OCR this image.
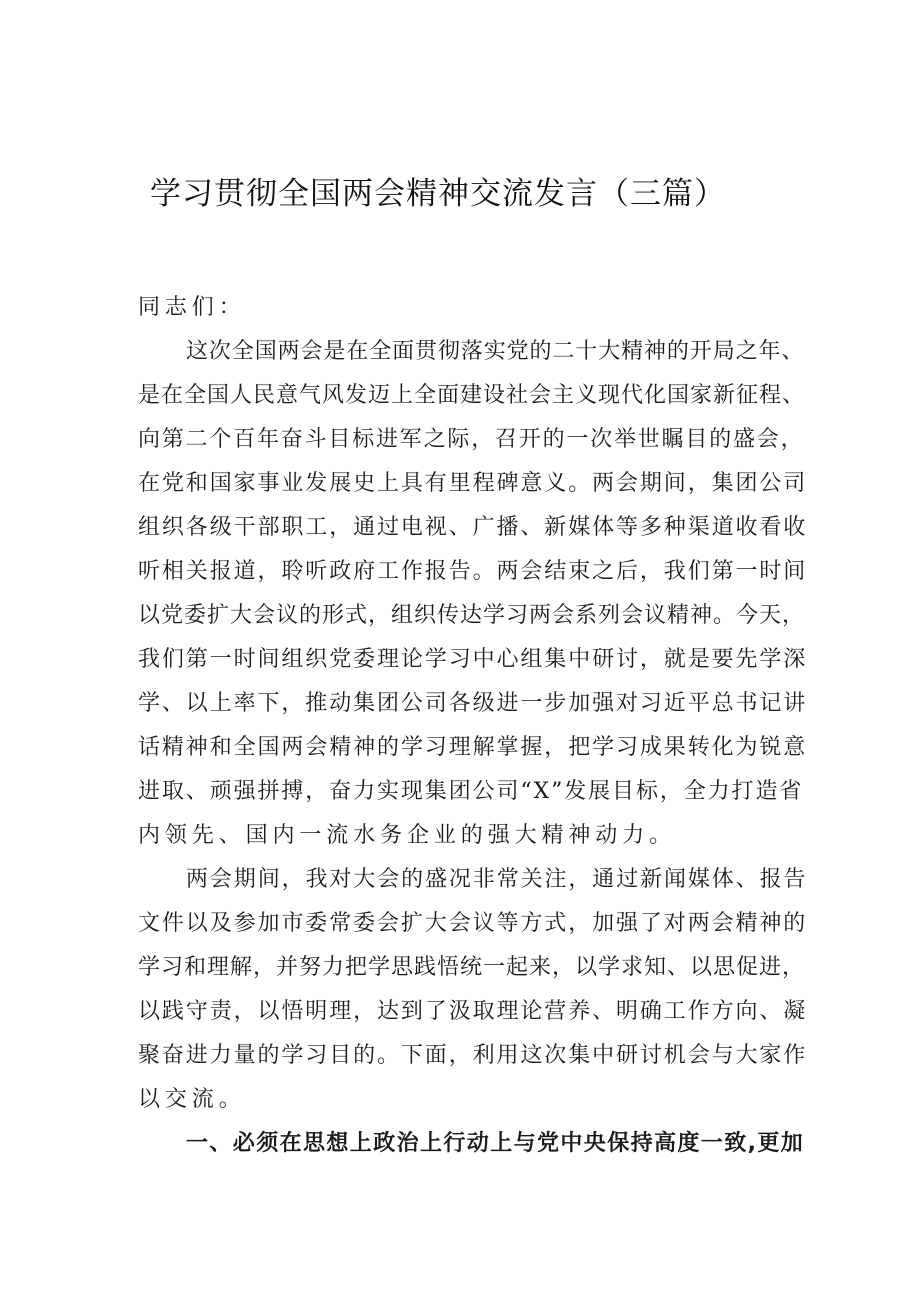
学习贯彻全国两会精神交流发言（三篇）
同志们：
这次全国两会是在全面贯彻落实党的二十大精神的开局之年、
是在全国人民意气风发迈上全面建设社会主义现代化国家新征程、
向第二个百年奋斗目标进军之际，召开的一次举世瞩目的盛会，
在党和国家事业发展史上具有里程碑意义。两会期间，集团公司
组织各级干部职工，通过电视、广播、新媒体等多种渠道收看收
听相关报道，聆听政府工作报告。两会结束之后，我们第一时间
以党委扩大会议的形式，组织传达学习两会系列会议精神。今天，
我们第一时间组织党委理论学习中心组集中研讨，就是要先学深
学、以上率下，推动集团公司各级进一步加强对习近平总书记讲
话精神和全国两会精神的学习理解掌握，把学习成果转化为锐意
进取、顽强拼搏，奋力实现集团公司“X”发展目标，全力打造省
内领先、国内一流水务企业的强大精神动力。
两会期间，我对大会的盛况非常关注，通过新闻媒体、报告
文件以及参加市委常委会扩大会议等方式，加强了对两会精神的
学习和理解，并努力把学思践悟统一起来，以学求知、以思促进，
以践守责，以悟明理，达到了汲取理论营养、明确工作方向、凝
聚奋进力量的学习目的。下面，利用这次集中研讨机会与大家作
以交流。
一、必须在思想上政治上行动上与党中央保持高度一致,更加
